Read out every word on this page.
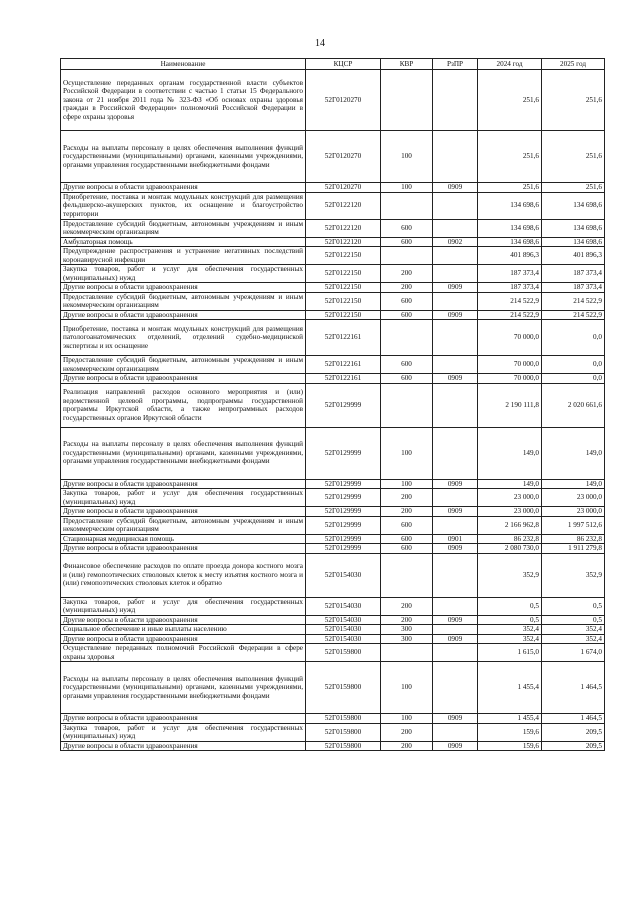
14
Наименование	КЦСР	КВР	РзПР	2024 год	2025 год
Осуществление переданных органам государственной власти субъектов Российской Федерации в соответствии с частью 1 статьи 15 Федерального закона от 21 ноября 2011 года № 323-ФЗ «Об основах охраны здоровья граждан в Российской Федерации» полномочий Российской Федерации в сфере охраны здоровья	52Г0120270			251,6	251,6
Расходы на выплаты персоналу в целях обеспечения выполнения функций государственными (муниципальными) органами, казенными учреждениями, органами управления государственными внебюджетными фондами	52Г0120270	100		251,6	251,6
Другие вопросы в области здравоохранения	52Г0120270	100	0909	251,6	251,6
Приобретение, поставка и монтаж модульных конструкций для размещения фельдшерско-акушерских пунктов, их оснащение и благоустройство территории	52Г0122120			134 698,6	134 698,6
Предоставление субсидий бюджетным, автономным учреждениям и иным некоммерческим организациям	52Г0122120	600		134 698,6	134 698,6
Амбулаторная помощь	52Г0122120	600	0902	134 698,6	134 698,6
Предупреждение распространения и устранение негативных последствий коронавирусной инфекции	52Г0122150			401 896,3	401 896,3
Закупка товаров, работ и услуг для обеспечения государственных (муниципальных) нужд	52Г0122150	200		187 373,4	187 373,4
Другие вопросы в области здравоохранения	52Г0122150	200	0909	187 373,4	187 373,4
Предоставление субсидий бюджетным, автономным учреждениям и иным некоммерческим организациям	52Г0122150	600		214 522,9	214 522,9
Другие вопросы в области здравоохранения	52Г0122150	600	0909	214 522,9	214 522,9
Приобретение, поставка и монтаж модульных конструкций для размещения патологоанатомических отделений, отделений судебно-медицинской экспертизы и их оснащение	52Г0122161			70 000,0	0,0
Предоставление субсидий бюджетным, автономным учреждениям и иным некоммерческим организациям	52Г0122161	600		70 000,0	0,0
Другие вопросы в области здравоохранения	52Г0122161	600	0909	70 000,0	0,0
Реализация направлений расходов основного мероприятия и (или) ведомственной целевой программы, подпрограммы государственной программы Иркутской области, а также непрограммных расходов государственных органов Иркутской области	52Г0129999			2 190 111,8	2 020 661,6
Расходы на выплаты персоналу в целях обеспечения выполнения функций государственными (муниципальными) органами, казенными учреждениями, органами управления государственными внебюджетными фондами	52Г0129999	100		149,0	149,0
Другие вопросы в области здравоохранения	52Г0129999	100	0909	149,0	149,0
Закупка товаров, работ и услуг для обеспечения государственных (муниципальных) нужд	52Г0129999	200		23 000,0	23 000,0
Другие вопросы в области здравоохранения	52Г0129999	200	0909	23 000,0	23 000,0
Предоставление субсидий бюджетным, автономным учреждениям и иным некоммерческим организациям	52Г0129999	600		2 166 962,8	1 997 512,6
Стационарная медицинская помощь	52Г0129999	600	0901	86 232,8	86 232,8
Другие вопросы в области здравоохранения	52Г0129999	600	0909	2 080 730,0	1 911 279,8
Финансовое обеспечение расходов по оплате проезда донора костного мозга и (или) гемопоэтических стволовых клеток к месту изъятия костного мозга и (или) гемопоэтических стволовых клеток и обратно	52Г0154030			352,9	352,9
Закупка товаров, работ и услуг для обеспечения государственных (муниципальных) нужд	52Г0154030	200		0,5	0,5
Другие вопросы в области здравоохранения	52Г0154030	200	0909	0,5	0,5
Социальное обеспечение и иные выплаты населению	52Г0154030	300		352,4	352,4
Другие вопросы в области здравоохранения	52Г0154030	300	0909	352,4	352,4
Осуществление переданных полномочий Российской Федерации в сфере охраны здоровья	52Г0159800			1 615,0	1 674,0
Расходы на выплаты персоналу в целях обеспечения выполнения функций государственными (муниципальными) органами, казенными учреждениями, органами управления государственными внебюджетными фондами	52Г0159800	100		1 455,4	1 464,5
Другие вопросы в области здравоохранения	52Г0159800	100	0909	1 455,4	1 464,5
Закупка товаров, работ и услуг для обеспечения государственных (муниципальных) нужд	52Г0159800	200		159,6	209,5
Другие вопросы в области здравоохранения	52Г0159800	200	0909	159,6	209,5
